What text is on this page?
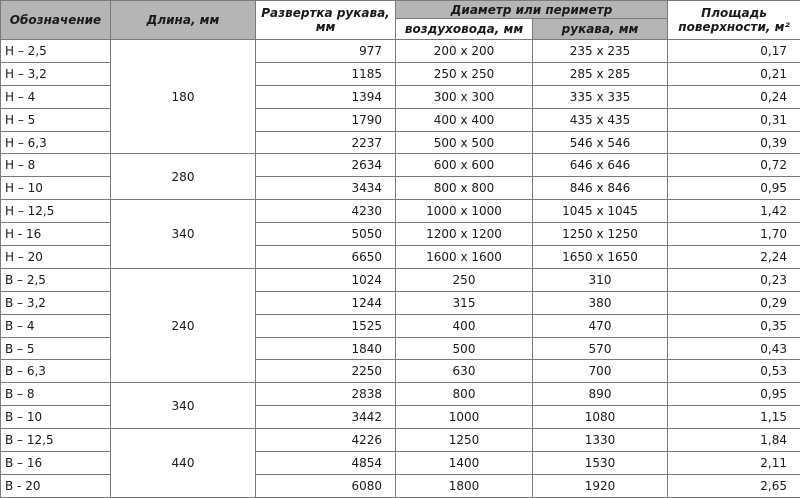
Обозначение	Длина, мм	Развертка рукава, мм	Диаметр или периметр		Площадь поверхности, м²
			воздуховода, мм	рукава, мм	
Н – 2,5	180	977	200 х 200	235 х 235	0,17
Н – 3,2		1185	250 х 250	285 х 285	0,21
Н – 4		1394	300 х 300	335 х 335	0,24
Н – 5		1790	400 х 400	435 х 435	0,31
Н – 6,3		2237	500 х 500	546 х 546	0,39
Н – 8	280	2634	600 х 600	646 х 646	0,72
Н – 10		3434	800 х 800	846 х 846	0,95
Н – 12,5	340	4230	1000 х 1000	1045 х 1045	1,42
Н - 16		5050	1200 х 1200	1250 х 1250	1,70
Н – 20		6650	1600 х 1600	1650 х 1650	2,24
В – 2,5	240	1024	250	310	0,23
В – 3,2		1244	315	380	0,29
В – 4		1525	400	470	0,35
В – 5		1840	500	570	0,43
В – 6,3		2250	630	700	0,53
В – 8	340	2838	800	890	0,95
В – 10		3442	1000	1080	1,15
В – 12,5	440	4226	1250	1330	1,84
В – 16		4854	1400	1530	2,11
В - 20		6080	1800	1920	2,65
